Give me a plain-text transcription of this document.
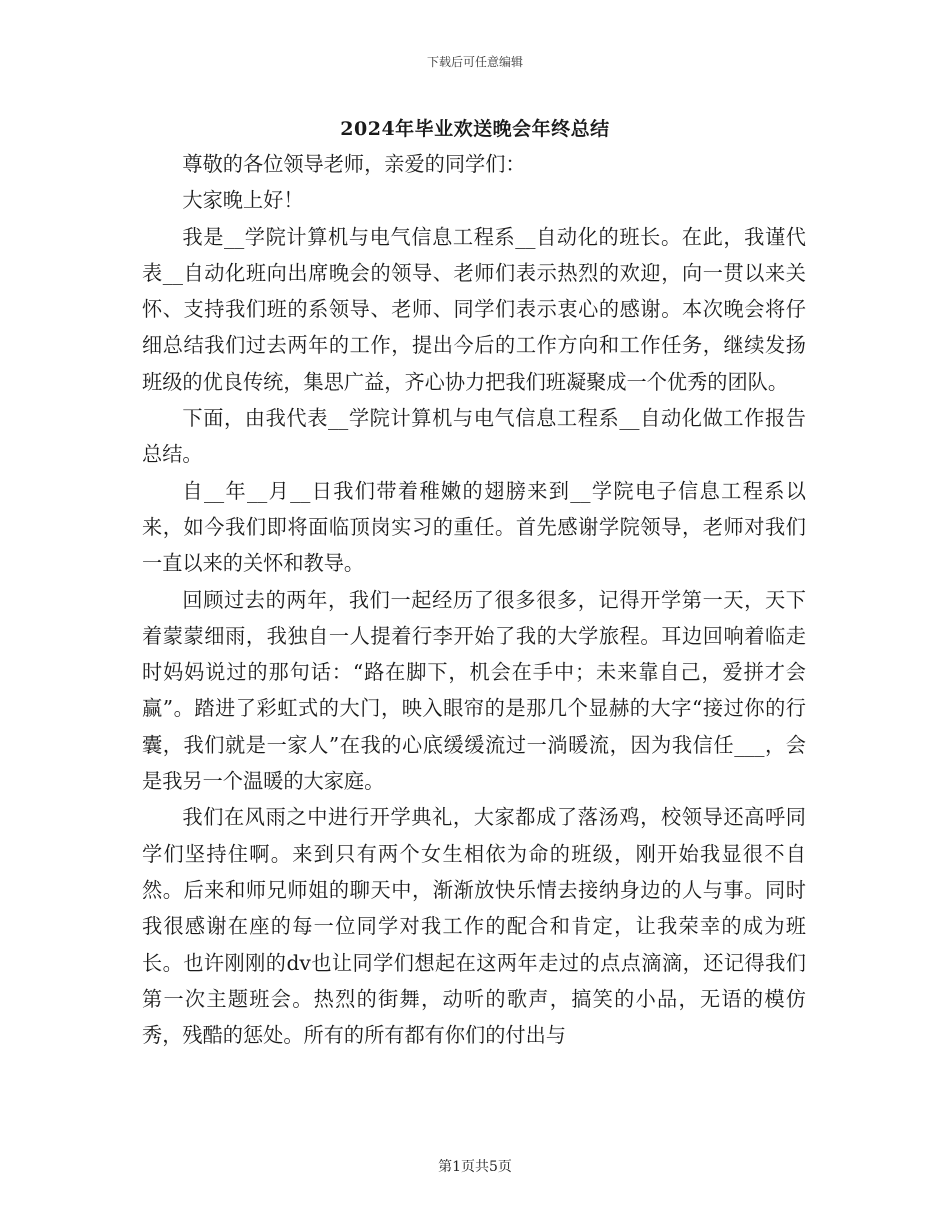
下载后可任意编辑
2024年毕业欢送晚会年终总结

尊敬的各位领导老师，亲爱的同学们：

大家晚上好！

我是__学院计算机与电气信息工程系__自动化的班长。在此，我谨代表__自动化班向出席晚会的领导、老师们表示热烈的欢迎，向一贯以来关怀、支持我们班的系领导、老师、同学们表示衷心的感谢。本次晚会将仔细总结我们过去两年的工作，提出今后的工作方向和工作任务，继续发扬班级的优良传统，集思广益，齐心协力把我们班凝聚成一个优秀的团队。

下面，由我代表__学院计算机与电气信息工程系__自动化做工作报告总结。

自__年__月__日我们带着稚嫩的翅膀来到__学院电子信息工程系以来，如今我们即将面临顶岗实习的重任。首先感谢学院领导，老师对我们一直以来的关怀和教导。

回顾过去的两年，我们一起经历了很多很多，记得开学第一天，天下着蒙蒙细雨，我独自一人提着行李开始了我的大学旅程。耳边回响着临走时妈妈说过的那句话：“路在脚下，机会在手中；未来靠自己，爱拼才会赢”。踏进了彩虹式的大门，映入眼帘的是那几个显赫的大字“接过你的行囊，我们就是一家人”在我的心底缓缓流过一淌暖流，因为我信任___，会是我另一个温暖的大家庭。

我们在风雨之中进行开学典礼，大家都成了落汤鸡，校领导还高呼同学们坚持住啊。来到只有两个女生相依为命的班级，刚开始我显很不自然。后来和师兄师姐的聊天中，渐渐放快乐情去接纳身边的人与事。同时我很感谢在座的每一位同学对我工作的配合和肯定，让我荣幸的成为班长。也许刚刚的dv也让同学们想起在这两年走过的点点滴滴，还记得我们第一次主题班会。热烈的街舞，动听的歌声，搞笑的小品，无语的模仿秀，残酷的惩处。所有的所有都有你们的付出与

第1页共5页
